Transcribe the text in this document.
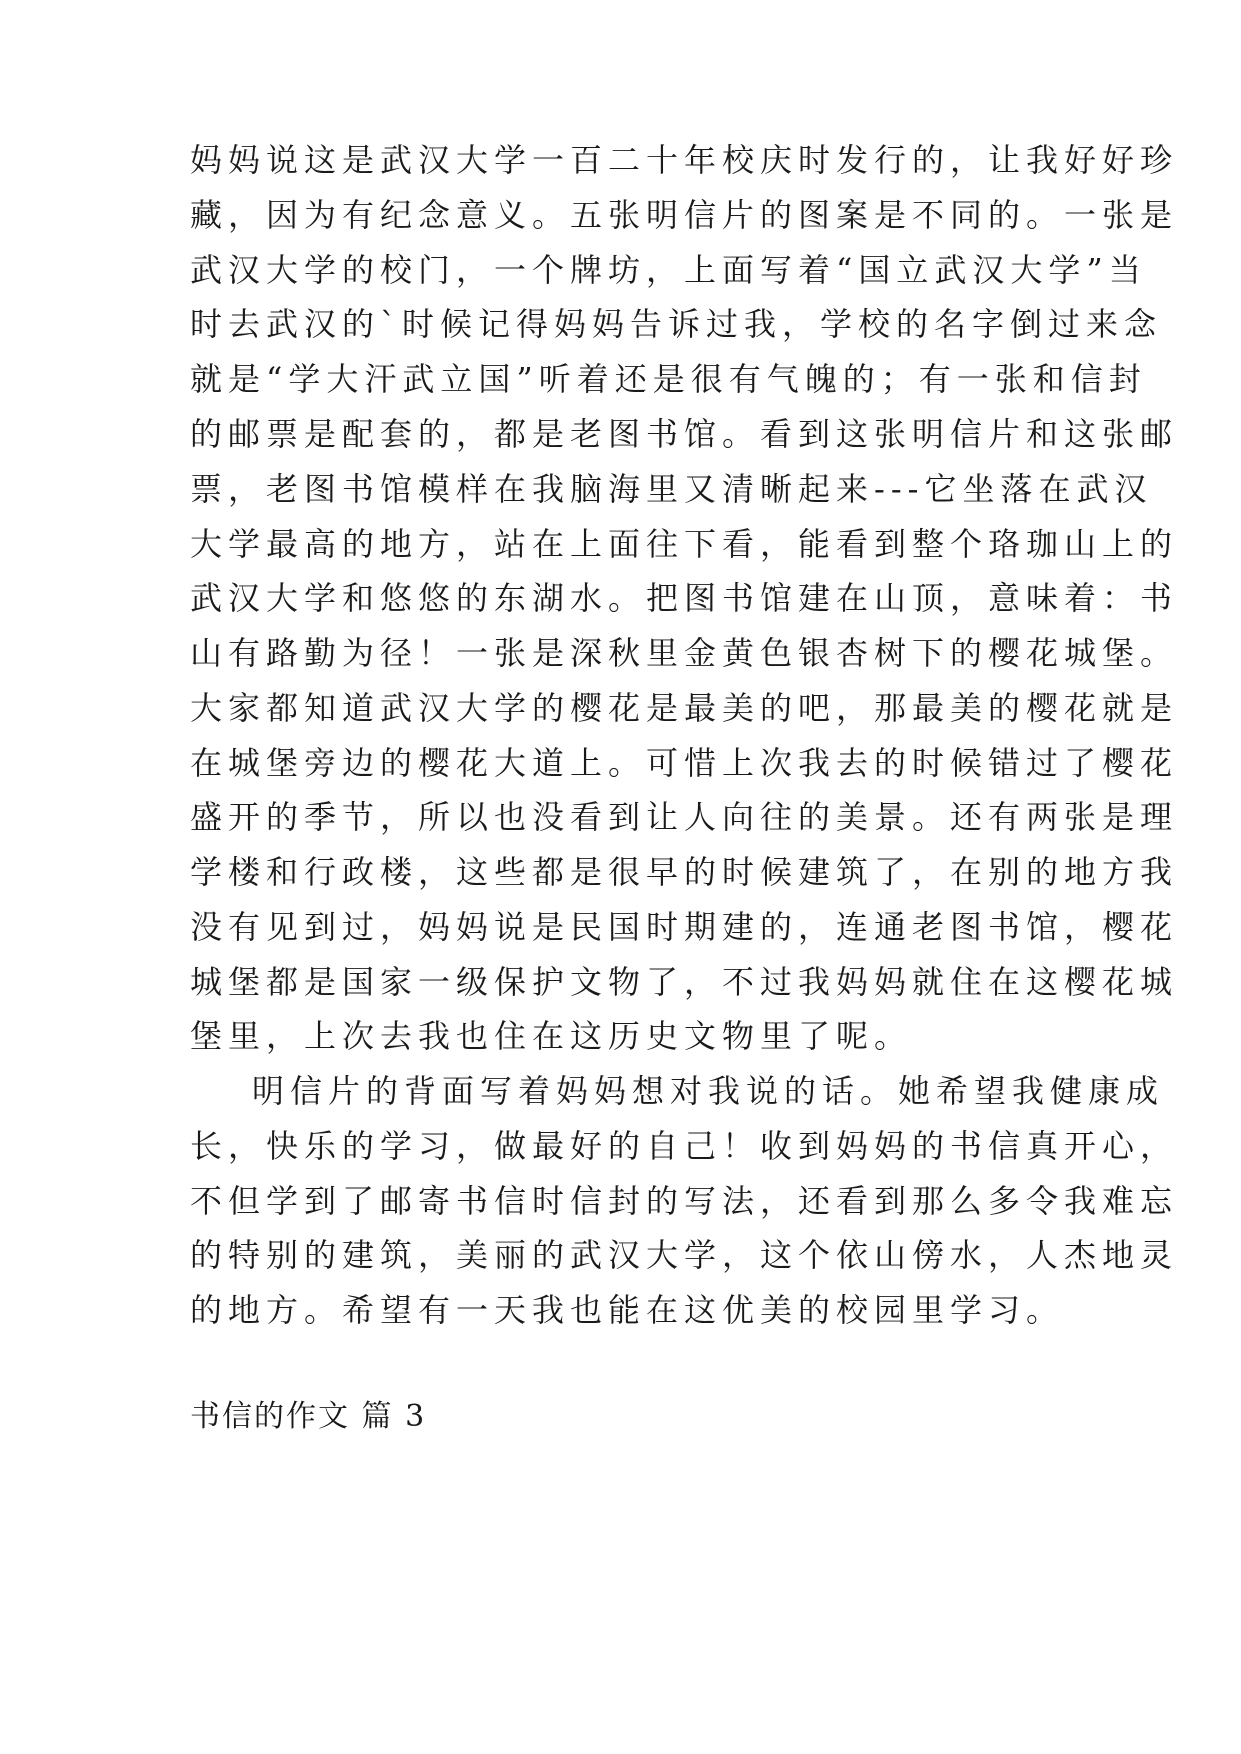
妈妈说这是武汉大学一百二十年校庆时发行的，让我好好珍

藏，因为有纪念意义。五张明信片的图案是不同的。一张是

武汉大学的校门，一个牌坊，上面写着“国立武汉大学”当

时去武汉的`时候记得妈妈告诉过我，学校的名字倒过来念

就是“学大汗武立国”听着还是很有气魄的；有一张和信封

的邮票是配套的，都是老图书馆。看到这张明信片和这张邮

票，老图书馆模样在我脑海里又清晰起来---它坐落在武汉

大学最高的地方，站在上面往下看，能看到整个珞珈山上的

武汉大学和悠悠的东湖水。把图书馆建在山顶，意味着：书

山有路勤为径！一张是深秋里金黄色银杏树下的樱花城堡。

大家都知道武汉大学的樱花是最美的吧，那最美的樱花就是

在城堡旁边的樱花大道上。可惜上次我去的时候错过了樱花

盛开的季节，所以也没看到让人向往的美景。还有两张是理

学楼和行政楼，这些都是很早的时候建筑了，在别的地方我

没有见到过，妈妈说是民国时期建的，连通老图书馆，樱花

城堡都是国家一级保护文物了，不过我妈妈就住在这樱花城

堡里，上次去我也住在这历史文物里了呢。

明信片的背面写着妈妈想对我说的话。她希望我健康成

长，快乐的学习，做最好的自己！收到妈妈的书信真开心，

不但学到了邮寄书信时信封的写法，还看到那么多令我难忘

的特别的建筑，美丽的武汉大学，这个依山傍水，人杰地灵

的地方。希望有一天我也能在这优美的校园里学习。

书信的作文 篇 3
